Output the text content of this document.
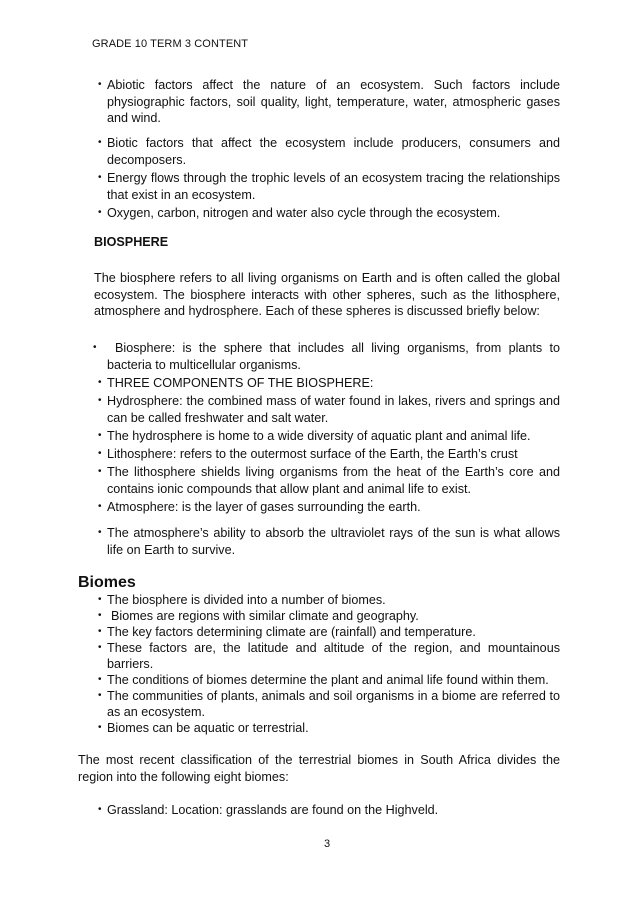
GRADE 10 TERM 3 CONTENT
• Abiotic factors affect the nature of an ecosystem. Such factors include physiographic factors, soil quality, light, temperature, water, atmospheric gases and wind.
• Biotic factors that affect the ecosystem include producers, consumers and decomposers.
• Energy flows through the trophic levels of an ecosystem tracing the relationships that exist in an ecosystem.
• Oxygen, carbon, nitrogen and water also cycle through the ecosystem.
BIOSPHERE
The biosphere refers to all living organisms on Earth and is often called the global ecosystem. The biosphere interacts with other spheres, such as the lithosphere, atmosphere and hydrosphere. Each of these spheres is discussed briefly below:
•	Biosphere: is the sphere that includes all living organisms, from plants to bacteria to multicellular organisms.
• THREE COMPONENTS OF THE BIOSPHERE:
• Hydrosphere: the combined mass of water found in lakes, rivers and springs and can be called freshwater and salt water.
• The hydrosphere is home to a wide diversity of aquatic plant and animal life.
• Lithosphere: refers to the outermost surface of the Earth, the Earth’s crust
• The lithosphere shields living organisms from the heat of the Earth’s core and contains ionic compounds that allow plant and animal life to exist.
• Atmosphere: is the layer of gases surrounding the earth.
• The atmosphere’s ability to absorb the ultraviolet rays of the sun is what allows life on Earth to survive.
Biomes
• The biosphere is divided into a number of biomes.
• Biomes are regions with similar climate and geography.
• The key factors determining climate are (rainfall) and temperature.
• These factors are, the latitude and altitude of the region, and mountainous barriers.
• The conditions of biomes determine the plant and animal life found within them.
• The communities of plants, animals and soil organisms in a biome are referred to as an ecosystem.
• Biomes can be aquatic or terrestrial.
The most recent classification of the terrestrial biomes in South Africa divides the region into the following eight biomes:
• Grassland: Location: grasslands are found on the Highveld.
3
